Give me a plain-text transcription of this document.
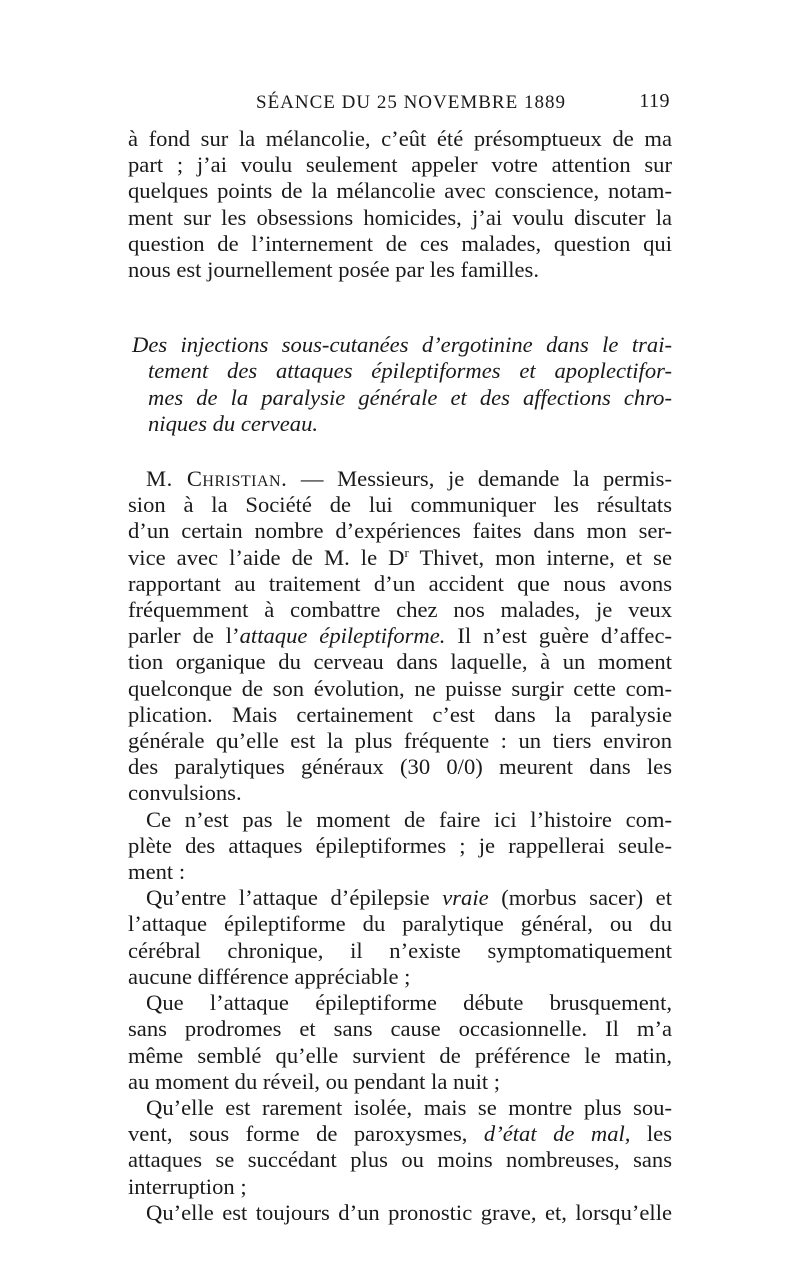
SÉANCE DU 25 NOVEMBRE 1889	119
à fond sur la mélancolie, c’eût été présomptueux de ma
part ; j’ai voulu seulement appeler votre attention sur
quelques points de la mélancolie avec conscience, notam-
ment sur les obsessions homicides, j’ai voulu discuter la
question de l’internement de ces malades, question qui
nous est journellement posée par les familles.
Des injections sous-cutanées d’ergotinine dans le trai-
tement des attaques épileptiformes et apoplectifor-
mes de la paralysie générale et des affections chro-
niques du cerveau.
M. Christian. — Messieurs, je demande la permis-
sion à la Société de lui communiquer les résultats
d’un certain nombre d’expériences faites dans mon ser-
vice avec l’aide de M. le $D^r$ Thivet, mon interne, et se
rapportant au traitement d’un accident que nous avons
fréquemment à combattre chez nos malades, je veux
parler de l’attaque épileptiforme. Il n’est guère d’affec-
tion organique du cerveau dans laquelle, à un moment
quelconque de son évolution, ne puisse surgir cette com-
plication. Mais certainement c’est dans la paralysie
générale qu’elle est la plus fréquente : un tiers environ
des paralytiques généraux (30 0/0) meurent dans les
convulsions.
Ce n’est pas le moment de faire ici l’histoire com-
plète des attaques épileptiformes ; je rappellerai seule-
ment :
Qu’entre l’attaque d’épilepsie vraie (morbus sacer) et
l’attaque épileptiforme du paralytique général, ou du
cérébral chronique, il n’existe symptomatiquement
aucune différence appréciable ;
Que l’attaque épileptiforme débute brusquement,
sans prodromes et sans cause occasionnelle. Il m’a
même semblé qu’elle survient de préférence le matin,
au moment du réveil, ou pendant la nuit ;
Qu’elle est rarement isolée, mais se montre plus sou-
vent, sous forme de paroxysmes, d’état de mal, les
attaques se succédant plus ou moins nombreuses, sans
interruption ;
Qu’elle est toujours d’un pronostic grave, et, lorsqu’elle
